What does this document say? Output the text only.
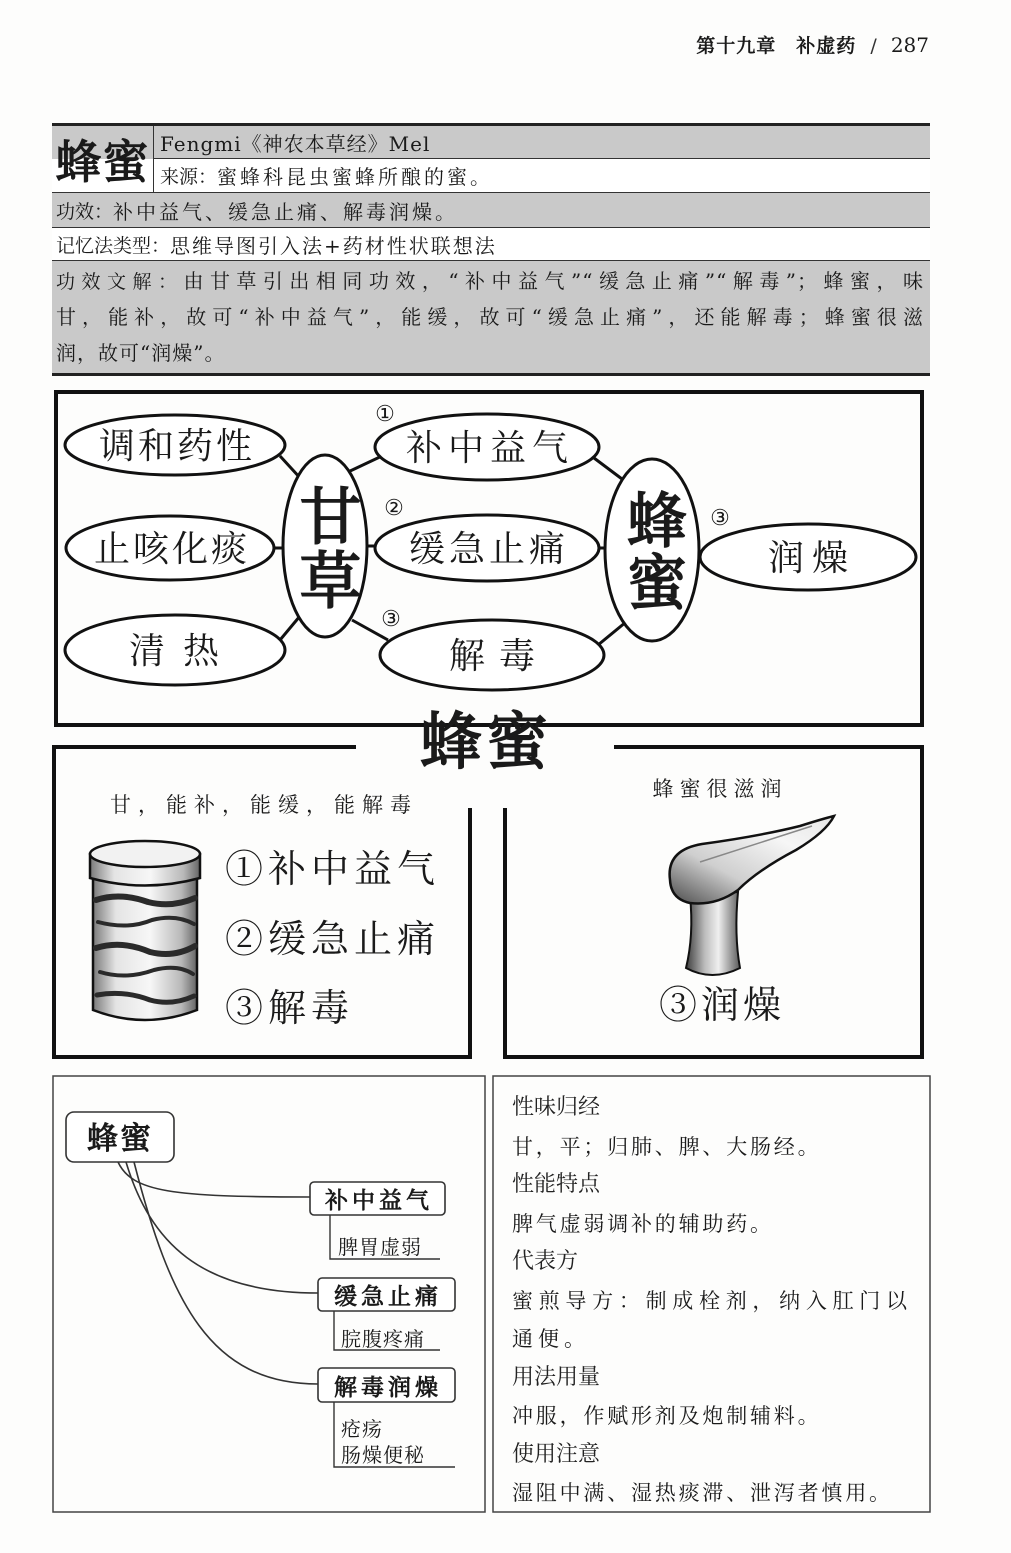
第十九章 补虚药 / 287
蜂蜜 Fengmi《神农本草经》Mel
来源： 蜜蜂科昆虫蜜蜂所酿的蜜。
功效： 补中益气、缓急止痛、解毒润燥。
记忆法类型： 思维导图引入法+药材性状联想法
功效文解：由甘草引出相同功效，“补中益气”“缓急止痛”“解毒”；蜂蜜，味
甘，能补，故可“补中益气”，能缓，故可“缓急止痛”，还能解毒；蜂蜜很滋
润，故可“润燥”。
调和药性
止咳化痰
清热
补中益气
缓急止痛
解毒
润燥
①
②
③
③
蜂蜜
甘，能补，能缓，能解毒
①补中益气
②缓急止痛
③解毒
蜂蜜很滋润
③润燥
蜂蜜
补中益气
脾胃虚弱
缓急止痛
脘腹疼痛
解毒润燥
疮疡
肠燥便秘
甘草	蜂蜜
性味归经
甘，平；归肺、脾、大肠经。
性能特点
脾气虚弱调补的辅助药。
代表方
蜜煎导方：制成栓剂，纳入肛门以通便。
用法用量
冲服，作赋形剂及炮制辅料。
使用注意
湿阻中满、湿热痰滞、泄泻者慎用。
